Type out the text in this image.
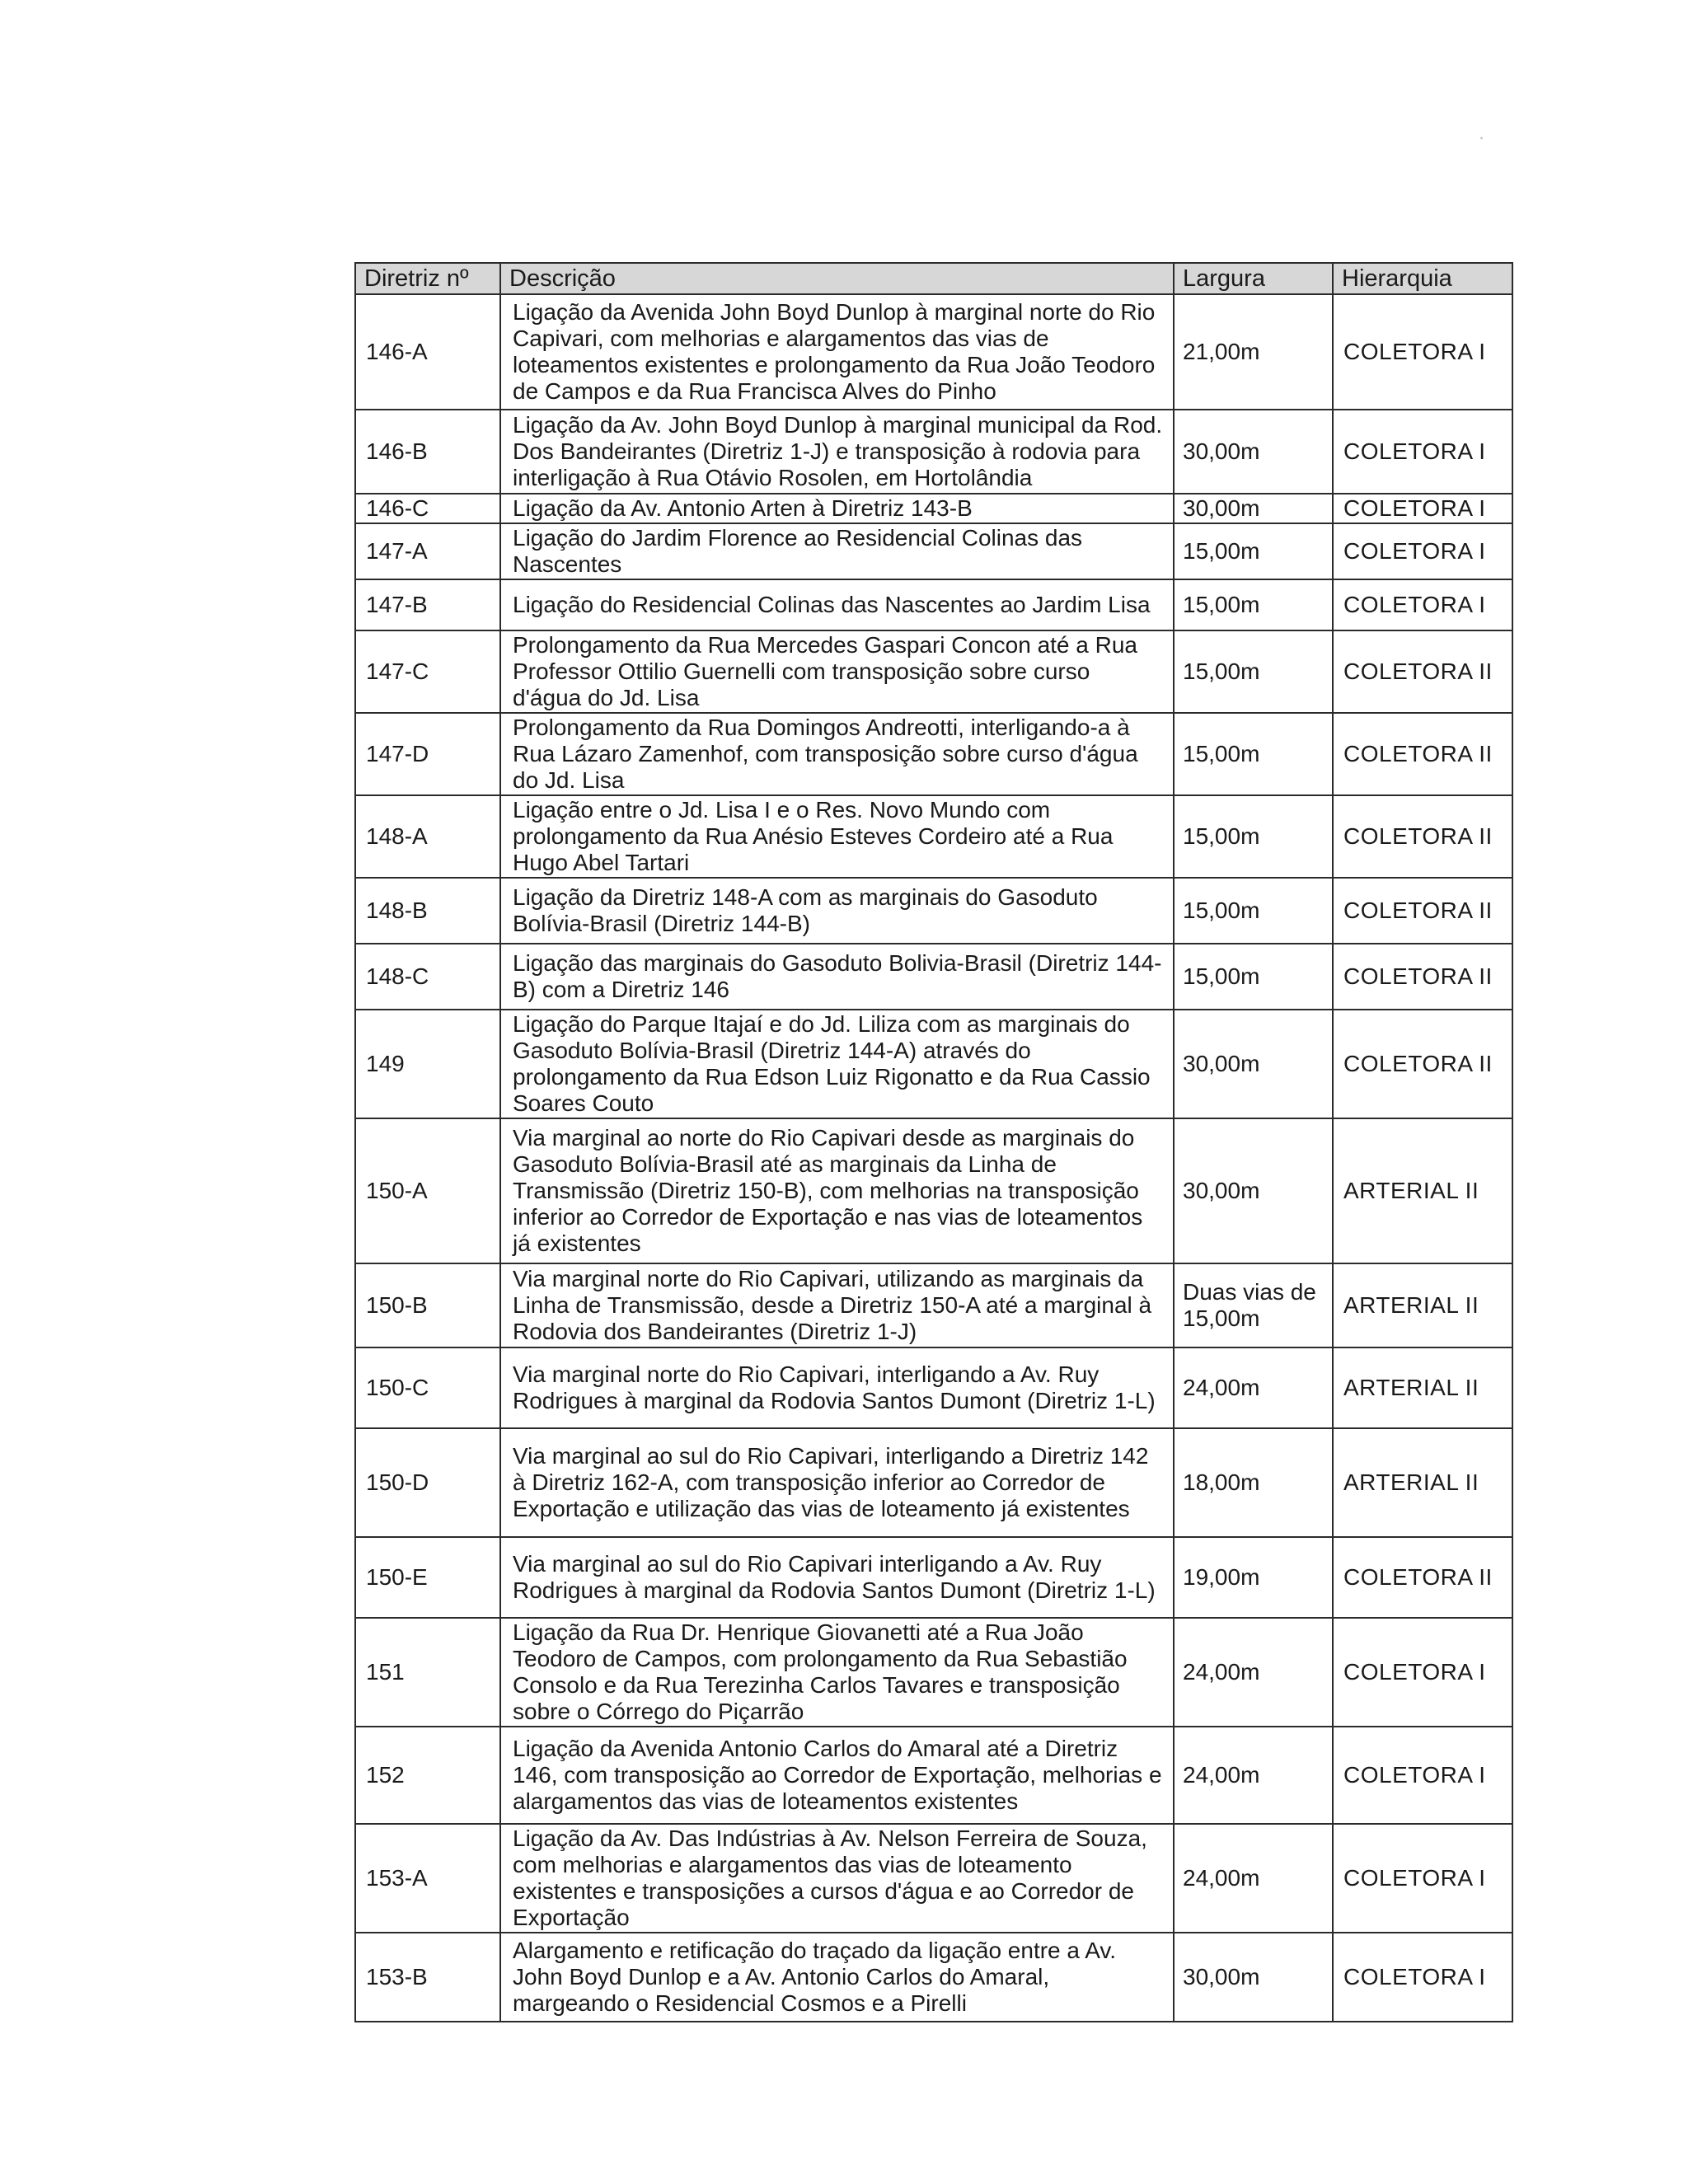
Diretriz nº	Descrição	Largura	Hierarquia
146-A	Ligação da Avenida John Boyd Dunlop à marginal norte do Rio Capivari, com melhorias e alargamentos das vias de loteamentos existentes e prolongamento da Rua João Teodoro de Campos e da Rua Francisca Alves do Pinho	21,00m	COLETORA I
146-B	Ligação da Av. John Boyd Dunlop à marginal municipal da Rod. Dos Bandeirantes (Diretriz 1-J) e transposição à rodovia para interligação à Rua Otávio Rosolen, em Hortolândia	30,00m	COLETORA I
146-C	Ligação da Av. Antonio Arten à Diretriz 143-B	30,00m	COLETORA I
147-A	Ligação do Jardim Florence ao Residencial Colinas das Nascentes	15,00m	COLETORA I
147-B	Ligação do Residencial Colinas das Nascentes ao Jardim Lisa	15,00m	COLETORA I
147-C	Prolongamento da Rua Mercedes Gaspari Concon até a Rua Professor Ottilio Guernelli com transposição sobre curso d'água do Jd. Lisa	15,00m	COLETORA II
147-D	Prolongamento da Rua Domingos Andreotti, interligando-a à Rua Lázaro Zamenhof, com transposição sobre curso d'água do Jd. Lisa	15,00m	COLETORA II
148-A	Ligação entre o Jd. Lisa I e o Res. Novo Mundo com prolongamento da Rua Anésio Esteves Cordeiro até a Rua Hugo Abel Tartari	15,00m	COLETORA II
148-B	Ligação da Diretriz 148-A com as marginais do Gasoduto Bolívia-Brasil (Diretriz 144-B)	15,00m	COLETORA II
148-C	Ligação das marginais do Gasoduto Bolivia-Brasil (Diretriz 144-B) com a Diretriz 146	15,00m	COLETORA II
149	Ligação do Parque Itajaí e do Jd. Liliza com as marginais do Gasoduto Bolívia-Brasil (Diretriz 144-A) através do prolongamento da Rua Edson Luiz Rigonatto e da Rua Cassio Soares Couto	30,00m	COLETORA II
150-A	Via marginal ao norte do Rio Capivari desde as marginais do Gasoduto Bolívia-Brasil até as marginais da Linha de Transmissão (Diretriz 150-B), com melhorias na transposição inferior ao Corredor de Exportação e nas vias de loteamentos já existentes	30,00m	ARTERIAL II
150-B	Via marginal norte do Rio Capivari, utilizando as marginais da Linha de Transmissão, desde a Diretriz 150-A até a marginal à Rodovia dos Bandeirantes (Diretriz 1-J)	Duas vias de 15,00m	ARTERIAL II
150-C	Via marginal norte do Rio Capivari, interligando a Av. Ruy Rodrigues à marginal da Rodovia Santos Dumont (Diretriz 1-L)	24,00m	ARTERIAL II
150-D	Via marginal ao sul do Rio Capivari, interligando a Diretriz 142 à Diretriz 162-A, com transposição inferior ao Corredor de Exportação e utilização das vias de loteamento já existentes	18,00m	ARTERIAL II
150-E	Via marginal ao sul do Rio Capivari interligando a Av. Ruy Rodrigues à marginal da Rodovia Santos Dumont (Diretriz 1-L)	19,00m	COLETORA II
151	Ligação da Rua Dr. Henrique Giovanetti até a Rua João Teodoro de Campos, com prolongamento da Rua Sebastião Consolo e da Rua Terezinha Carlos Tavares e transposição sobre o Córrego do Piçarrão	24,00m	COLETORA I
152	Ligação da Avenida Antonio Carlos do Amaral até a Diretriz 146, com transposição ao Corredor de Exportação, melhorias e alargamentos das vias de loteamentos existentes	24,00m	COLETORA I
153-A	Ligação da Av. Das Indústrias à Av. Nelson Ferreira de Souza, com melhorias e alargamentos das vias de loteamento existentes e transposições a cursos d'água e ao Corredor de Exportação	24,00m	COLETORA I
153-B	Alargamento e retificação do traçado da ligação entre a Av. John Boyd Dunlop e a Av. Antonio Carlos do Amaral, margeando o Residencial Cosmos e a Pirelli	30,00m	COLETORA I
